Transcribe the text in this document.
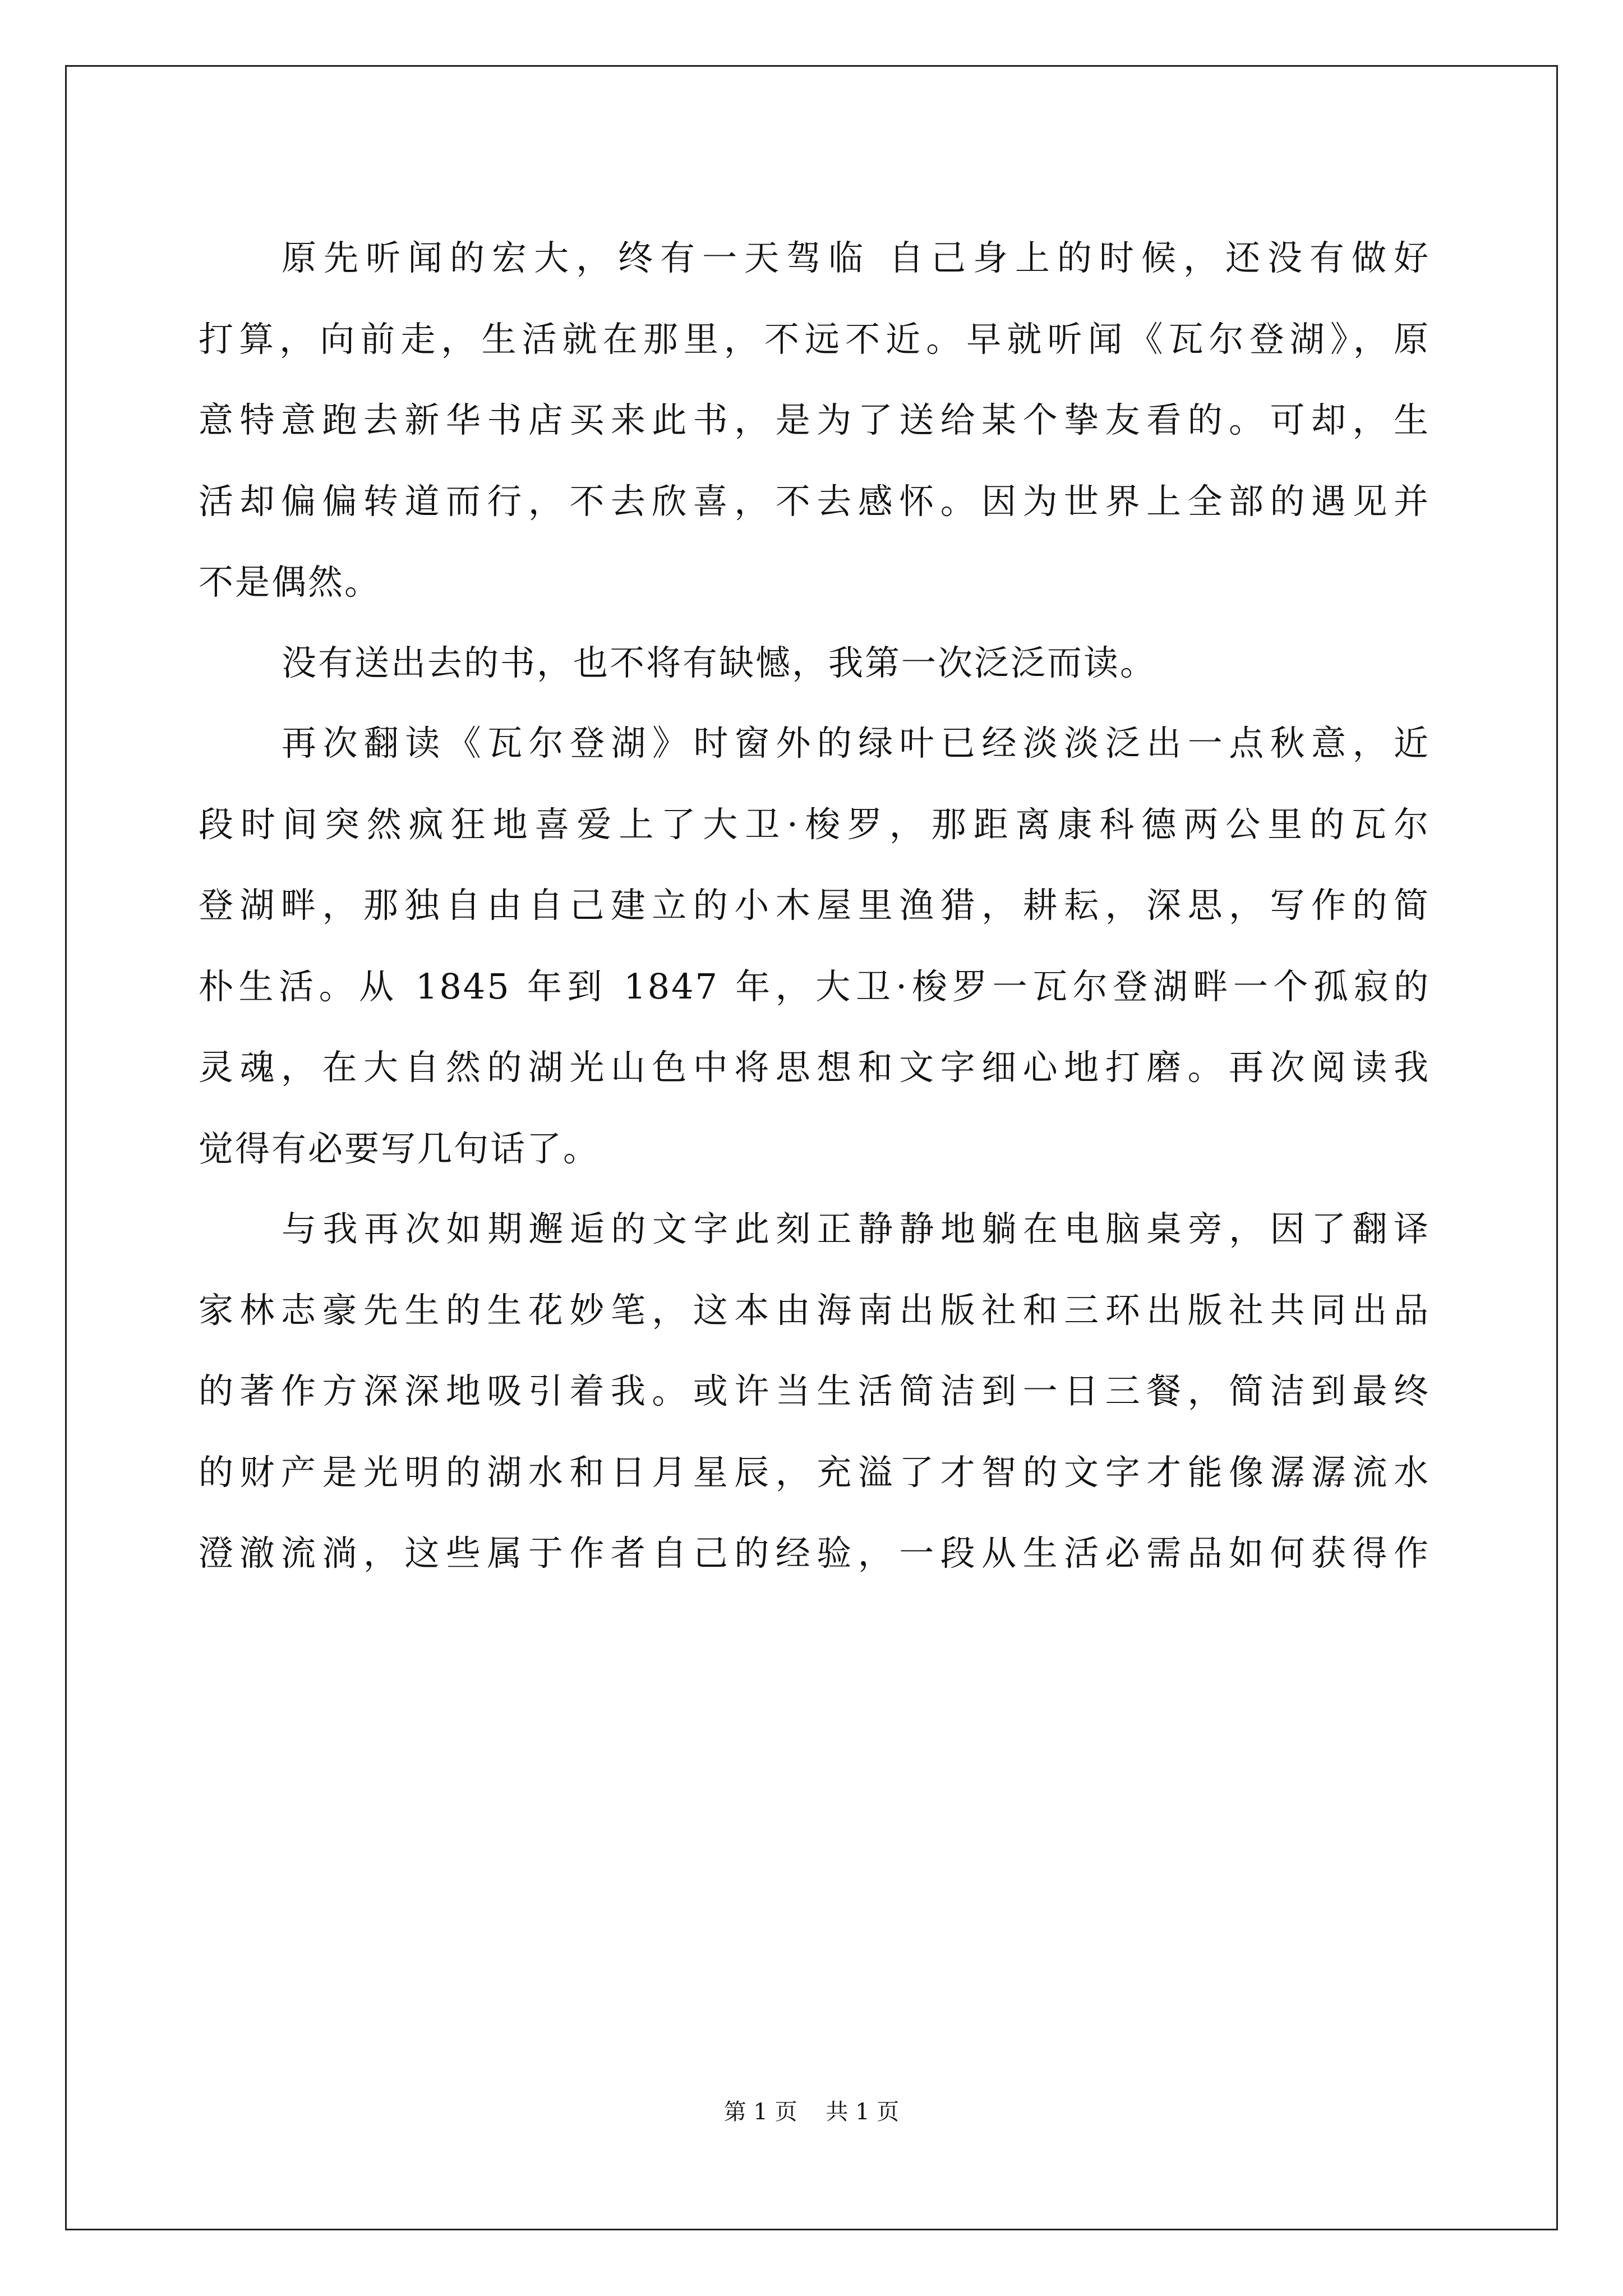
原先听闻的宏大，终有一天驾临 自己身上的时候，还没有做好
打算，向前走，生活就在那里，不远不近。早就听闻《瓦尔登湖》，原
意特意跑去新华书店买来此书，是为了送给某个挚友看的。可却，生
活却偏偏转道而行，不去欣喜，不去感怀。因为世界上全部的遇见并
不是偶然。
没有送出去的书，也不将有缺憾，我第一次泛泛而读。
再次翻读《瓦尔登湖》时窗外的绿叶已经淡淡泛出一点秋意，近
段时间突然疯狂地喜爱上了大卫·梭罗，那距离康科德两公里的瓦尔
登湖畔，那独自由自己建立的小木屋里渔猎，耕耘，深思，写作的简
朴生活。从 1845 年到 1847 年，大卫·梭罗一瓦尔登湖畔一个孤寂的
灵魂，在大自然的湖光山色中将思想和文字细心地打磨。再次阅读我
觉得有必要写几句话了。
与我再次如期邂逅的文字此刻正静静地躺在电脑桌旁，因了翻译
家林志豪先生的生花妙笔，这本由海南出版社和三环出版社共同出品
的著作方深深地吸引着我。或许当生活简洁到一日三餐，简洁到最终
的财产是光明的湖水和日月星辰，充溢了才智的文字才能像潺潺流水
澄澈流淌，这些属于作者自己的经验，一段从生活必需品如何获得作
第 1 页    共 1 页
